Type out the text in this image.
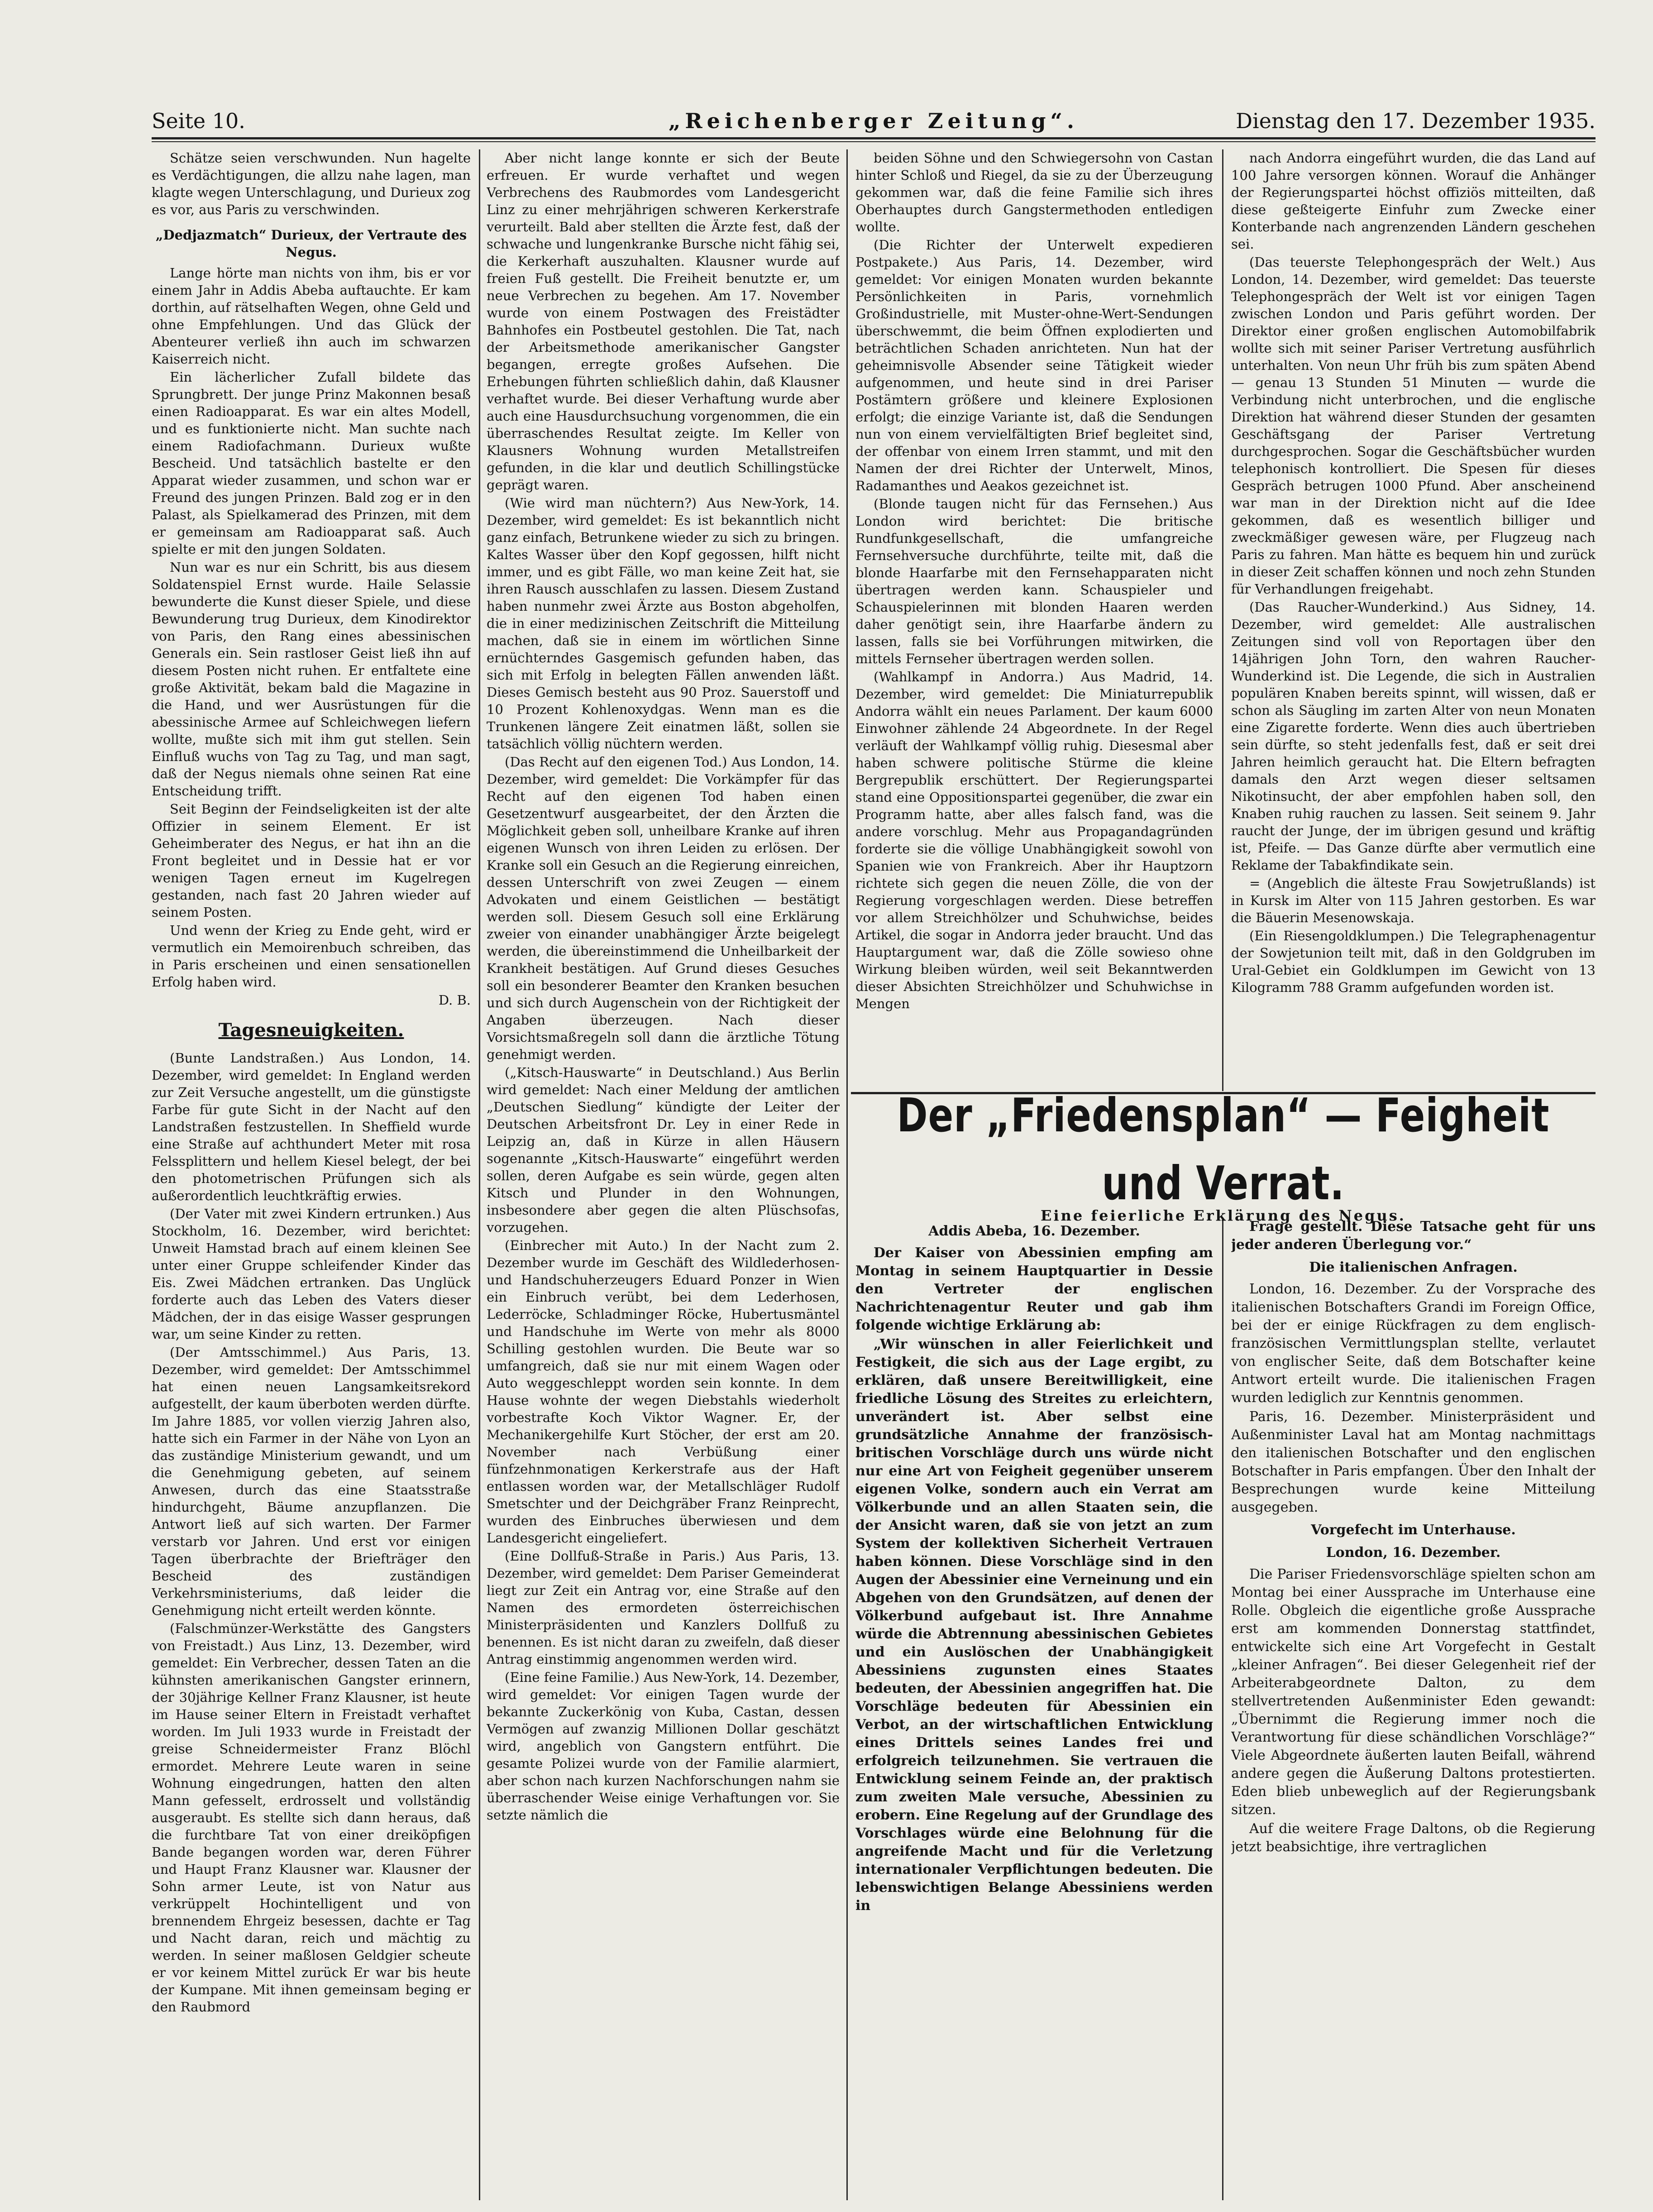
Seite 10.	„Reichenberger Zeitung“.	Dienstag den 17. Dezember 1935.

Schätze seien verschwunden. Nun hagelte es Verdächtigungen, die allzu nahe lagen, man klagte wegen Unterschlagung, und Durieux zog es vor, aus Paris zu verschwinden.

„Dedjazmatch“ Durieux, der Vertraute des Negus.

Lange hörte man nichts von ihm, bis er vor einem Jahr in Addis Abeba auftauchte. Er kam dorthin, auf rätselhaften Wegen, ohne Geld und ohne Empfehlungen. Und das Glück der Abenteurer verließ ihn auch im schwarzen Kaiserreich nicht.

Ein lächerlicher Zufall bildete das Sprungbrett. Der junge Prinz Makonnen besaß einen Radioapparat. Es war ein altes Modell, und es funktionierte nicht. Man suchte nach einem Radiofachmann. Durieux wußte Bescheid. Und tatsächlich bastelte er den Apparat wieder zusammen, und schon war er Freund des jungen Prinzen. Bald zog er in den Palast, als Spielkamerad des Prinzen, mit dem er gemeinsam am Radioapparat saß. Auch spielte er mit den jungen Soldaten.

Nun war es nur ein Schritt, bis aus diesem Soldatenspiel Ernst wurde. Haile Selassie bewunderte die Kunst dieser Spiele, und diese Bewunderung trug Durieux, dem Kinodirektor von Paris, den Rang eines abessinischen Generals ein. Sein rastloser Geist ließ ihn auf diesem Posten nicht ruhen. Er entfaltete eine große Aktivität, bekam bald die Magazine in die Hand, und wer Ausrüstungen für die abessinische Armee auf Schleichwegen liefern wollte, mußte sich mit ihm gut stellen. Sein Einfluß wuchs von Tag zu Tag, und man sagt, daß der Negus niemals ohne seinen Rat eine Entscheidung trifft.

Seit Beginn der Feindseligkeiten ist der alte Offizier in seinem Element. Er ist Geheimberater des Negus, er hat ihn an die Front begleitet und in Dessie hat er vor wenigen Tagen erneut im Kugelregen gestanden, nach fast 20 Jahren wieder auf seinem Posten.

Und wenn der Krieg zu Ende geht, wird er vermutlich ein Memoirenbuch schreiben, das in Paris erscheinen und einen sensationellen Erfolg haben wird.

D. B.

Tagesneuigkeiten.

(Bunte Landstraßen.) Aus London, 14. Dezember, wird gemeldet: In England werden zur Zeit Versuche angestellt, um die günstigste Farbe für gute Sicht in der Nacht auf den Landstraßen festzustellen. In Sheffield wurde eine Straße auf achthundert Meter mit rosa Felssplittern und hellem Kiesel belegt, der bei den photometrischen Prüfungen sich als außerordentlich leuchtkräftig erwies.

(Der Vater mit zwei Kindern ertrunken.) Aus Stockholm, 16. Dezember, wird berichtet: Unweit Hamstad brach auf einem kleinen See unter einer Gruppe schleifender Kinder das Eis. Zwei Mädchen ertranken. Das Unglück forderte auch das Leben des Vaters dieser Mädchen, der in das eisige Wasser gesprungen war, um seine Kinder zu retten.

(Der Amtsschimmel.) Aus Paris, 13. Dezember, wird gemeldet: Der Amtsschimmel hat einen neuen Langsamkeitsrekord aufgestellt, der kaum überboten werden dürfte. Im Jahre 1885, vor vollen vierzig Jahren also, hatte sich ein Farmer in der Nähe von Lyon an das zuständige Ministerium gewandt, und um die Genehmigung gebeten, auf seinem Anwesen, durch das eine Staatsstraße hindurchgeht, Bäume anzupflanzen. Die Antwort ließ auf sich warten. Der Farmer verstarb vor Jahren. Und erst vor einigen Tagen überbrachte der Briefträger den Bescheid des zuständigen Verkehrsministeriums, daß leider die Genehmigung nicht erteilt werden könnte.

(Falschmünzer-Werkstätte des Gangsters von Freistadt.) Aus Linz, 13. Dezember, wird gemeldet: Ein Verbrecher, dessen Taten an die kühnsten amerikanischen Gangster erinnern, der 30jährige Kellner Franz Klausner, ist heute im Hause seiner Eltern in Freistadt verhaftet worden. Im Juli 1933 wurde in Freistadt der greise Schneidermeister Franz Blöchl ermordet. Mehrere Leute waren in seine Wohnung eingedrungen, hatten den alten Mann gefesselt, erdrosselt und vollständig ausgeraubt. Es stellte sich dann heraus, daß die furchtbare Tat von einer dreiköpfigen Bande begangen worden war, deren Führer und Haupt Franz Klausner war. Klausner der Sohn armer Leute, ist von Natur aus verkrüppelt Hochintelligent und von brennendem Ehrgeiz besessen, dachte er Tag und Nacht daran, reich und mächtig zu werden. In seiner maßlosen Geldgier scheute er vor keinem Mittel zurück Er war bis heute der Kumpane. Mit ihnen gemeinsam beging er den Raubmord

Aber nicht lange konnte er sich der Beute erfreuen. Er wurde verhaftet und wegen Verbrechens des Raubmordes vom Landesgericht Linz zu einer mehrjährigen schweren Kerkerstrafe verurteilt. Bald aber stellten die Ärzte fest, daß der schwache und lungenkranke Bursche nicht fähig sei, die Kerkerhaft auszuhalten. Klausner wurde auf freien Fuß gestellt. Die Freiheit benutzte er, um neue Verbrechen zu begehen. Am 17. November wurde von einem Postwagen des Freistädter Bahnhofes ein Postbeutel gestohlen. Die Tat, nach der Arbeitsmethode amerikanischer Gangster begangen, erregte großes Aufsehen. Die Erhebungen führten schließlich dahin, daß Klausner verhaftet wurde. Bei dieser Verhaftung wurde aber auch eine Hausdurchsuchung vorgenommen, die ein überraschendes Resultat zeigte. Im Keller von Klausners Wohnung wurden Metallstreifen gefunden, in die klar und deutlich Schillingstücke geprägt waren.

(Wie wird man nüchtern?) Aus New-York, 14. Dezember, wird gemeldet: Es ist bekanntlich nicht ganz einfach, Betrunkene wieder zu sich zu bringen. Kaltes Wasser über den Kopf gegossen, hilft nicht immer, und es gibt Fälle, wo man keine Zeit hat, sie ihren Rausch ausschlafen zu lassen. Diesem Zustand haben nunmehr zwei Ärzte aus Boston abgeholfen, die in einer medizinischen Zeitschrift die Mitteilung machen, daß sie in einem im wörtlichen Sinne ernüchterndes Gasgemisch gefunden haben, das sich mit Erfolg in belegten Fällen anwenden läßt. Dieses Gemisch besteht aus 90 Proz. Sauerstoff und 10 Prozent Kohlenoxydgas. Wenn man es die Trunkenen längere Zeit einatmen läßt, sollen sie tatsächlich völlig nüchtern werden.

(Das Recht auf den eigenen Tod.) Aus London, 14. Dezember, wird gemeldet: Die Vorkämpfer für das Recht auf den eigenen Tod haben einen Gesetzentwurf ausgearbeitet, der den Ärzten die Möglichkeit geben soll, unheilbare Kranke auf ihren eigenen Wunsch von ihren Leiden zu erlösen. Der Kranke soll ein Gesuch an die Regierung einreichen, dessen Unterschrift von zwei Zeugen — einem Advokaten und einem Geistlichen — bestätigt werden soll. Diesem Gesuch soll eine Erklärung zweier von einander unabhängiger Ärzte beigelegt werden, die übereinstimmend die Unheilbarkeit der Krankheit bestätigen. Auf Grund dieses Gesuches soll ein besonderer Beamter den Kranken besuchen und sich durch Augenschein von der Richtigkeit der Angaben überzeugen. Nach dieser Vorsichtsmaßregeln soll dann die ärztliche Tötung genehmigt werden.

(„Kitsch-Hauswarte“ in Deutschland.) Aus Berlin wird gemeldet: Nach einer Meldung der amtlichen „Deutschen Siedlung“ kündigte der Leiter der Deutschen Arbeitsfront Dr. Ley in einer Rede in Leipzig an, daß in Kürze in allen Häusern sogenannte „Kitsch-Hauswarte“ eingeführt werden sollen, deren Aufgabe es sein würde, gegen alten Kitsch und Plunder in den Wohnungen, insbesondere aber gegen die alten Plüschsofas, vorzugehen.

(Einbrecher mit Auto.) In der Nacht zum 2. Dezember wurde im Geschäft des Wildlederhosen- und Handschuherzeugers Eduard Ponzer in Wien ein Einbruch verübt, bei dem Lederhosen, Lederröcke, Schladminger Röcke, Hubertusmäntel und Handschuhe im Werte von mehr als 8000 Schilling gestohlen wurden. Die Beute war so umfangreich, daß sie nur mit einem Wagen oder Auto weggeschleppt worden sein konnte. In dem Hause wohnte der wegen Diebstahls wiederholt vorbestrafte Koch Viktor Wagner. Er, der Mechanikergehilfe Kurt Stöcher, der erst am 20. November nach Verbüßung einer fünfzehnmonatigen Kerkerstrafe aus der Haft entlassen worden war, der Metallschläger Rudolf Smetschter und der Deichgräber Franz Reinprecht, wurden des Einbruches überwiesen und dem Landesgericht eingeliefert.

(Eine Dollfuß-Straße in Paris.) Aus Paris, 13. Dezember, wird gemeldet: Dem Pariser Gemeinderat liegt zur Zeit ein Antrag vor, eine Straße auf den Namen des ermordeten österreichischen Ministerpräsidenten und Kanzlers Dollfuß zu benennen. Es ist nicht daran zu zweifeln, daß dieser Antrag einstimmig angenommen werden wird.

(Eine feine Familie.) Aus New-York, 14. Dezember, wird gemeldet: Vor einigen Tagen wurde der bekannte Zuckerkönig von Kuba, Castan, dessen Vermögen auf zwanzig Millionen Dollar geschätzt wird, angeblich von Gangstern entführt. Die gesamte Polizei wurde von der Familie alarmiert, aber schon nach kurzen Nachforschungen nahm sie überraschender Weise einige Verhaftungen vor. Sie setzte nämlich die

beiden Söhne und den Schwiegersohn von Castan hinter Schloß und Riegel, da sie zu der Überzeugung gekommen war, daß die feine Familie sich ihres Oberhauptes durch Gangstermethoden entledigen wollte.

(Die Richter der Unterwelt expedieren Postpakete.) Aus Paris, 14. Dezember, wird gemeldet: Vor einigen Monaten wurden bekannte Persönlichkeiten in Paris, vornehmlich Großindustrielle, mit Muster-ohne-Wert-Sendungen überschwemmt, die beim Öffnen explodierten und beträchtlichen Schaden anrichteten. Nun hat der geheimnisvolle Absender seine Tätigkeit wieder aufgenommen, und heute sind in drei Pariser Postämtern größere und kleinere Explosionen erfolgt; die einzige Variante ist, daß die Sendungen nun von einem vervielfältigten Brief begleitet sind, der offenbar von einem Irren stammt, und mit den Namen der drei Richter der Unterwelt, Minos, Radamanthes und Aeakos gezeichnet ist.

(Blonde taugen nicht für das Fernsehen.) Aus London wird berichtet: Die britische Rundfunkgesellschaft, die umfangreiche Fernsehversuche durchführte, teilte mit, daß die blonde Haarfarbe mit den Fernsehapparaten nicht übertragen werden kann. Schauspieler und Schauspielerinnen mit blonden Haaren werden daher genötigt sein, ihre Haarfarbe ändern zu lassen, falls sie bei Vorführungen mitwirken, die mittels Fernseher übertragen werden sollen.

(Wahlkampf in Andorra.) Aus Madrid, 14. Dezember, wird gemeldet: Die Miniaturrepublik Andorra wählt ein neues Parlament. Der kaum 6000 Einwohner zählende 24 Abgeordnete. In der Regel verläuft der Wahlkampf völlig ruhig. Diesesmal aber haben schwere politische Stürme die kleine Bergrepublik erschüttert. Der Regierungspartei stand eine Oppositionspartei gegenüber, die zwar ein Programm hatte, aber alles falsch fand, was die andere vorschlug. Mehr aus Propagandagründen forderte sie die völlige Unabhängigkeit sowohl von Spanien wie von Frankreich. Aber ihr Hauptzorn richtete sich gegen die neuen Zölle, die von der Regierung vorgeschlagen werden. Diese betreffen vor allem Streichhölzer und Schuhwichse, beides Artikel, die sogar in Andorra jeder braucht. Und das Hauptargument war, daß die Zölle sowieso ohne Wirkung bleiben würden, weil seit Bekanntwerden dieser Absichten Streichhölzer und Schuhwichse in Mengen

nach Andorra eingeführt wurden, die das Land auf 100 Jahre versorgen können. Worauf die Anhänger der Regierungspartei höchst offiziös mitteilten, daß diese geßteigerte Einfuhr zum Zwecke einer Konterbande nach angrenzenden Ländern geschehen sei.

(Das teuerste Telephongespräch der Welt.) Aus London, 14. Dezember, wird gemeldet: Das teuerste Telephongespräch der Welt ist vor einigen Tagen zwischen London und Paris geführt worden. Der Direktor einer großen englischen Automobilfabrik wollte sich mit seiner Pariser Vertretung ausführlich unterhalten. Von neun Uhr früh bis zum späten Abend — genau 13 Stunden 51 Minuten — wurde die Verbindung nicht unterbrochen, und die englische Direktion hat während dieser Stunden der gesamten Geschäftsgang der Pariser Vertretung durchgesprochen. Sogar die Geschäftsbücher wurden telephonisch kontrolliert. Die Spesen für dieses Gespräch betrugen 1000 Pfund. Aber anscheinend war man in der Direktion nicht auf die Idee gekommen, daß es wesentlich billiger und zweckmäßiger gewesen wäre, per Flugzeug nach Paris zu fahren. Man hätte es bequem hin und zurück in dieser Zeit schaffen können und noch zehn Stunden für Verhandlungen freigehabt.

(Das Raucher-Wunderkind.) Aus Sidney, 14. Dezember, wird gemeldet: Alle australischen Zeitungen sind voll von Reportagen über den 14jährigen John Torn, den wahren Raucher-Wunderkind ist. Die Legende, die sich in Australien populären Knaben bereits spinnt, will wissen, daß er schon als Säugling im zarten Alter von neun Monaten eine Zigarette forderte. Wenn dies auch übertrieben sein dürfte, so steht jedenfalls fest, daß er seit drei Jahren heimlich geraucht hat. Die Eltern befragten damals den Arzt wegen dieser seltsamen Nikotinsucht, der aber empfohlen haben soll, den Knaben ruhig rauchen zu lassen. Seit seinem 9. Jahr raucht der Junge, der im übrigen gesund und kräftig ist, Pfeife. — Das Ganze dürfte aber vermutlich eine Reklame der Tabakfindikate sein.

= (Angeblich die älteste Frau Sowjetrußlands) ist in Kursk im Alter von 115 Jahren gestorben. Es war die Bäuerin Mesenowskaja.

(Ein Riesengoldklumpen.) Die Telegraphenagentur der Sowjetunion teilt mit, daß in den Goldgruben im Ural-Gebiet ein Goldklumpen im Gewicht von 13 Kilogramm 788 Gramm aufgefunden worden ist.

Der „Friedensplan“ — Feigheit und Verrat.
Eine feierliche Erklärung des Negus.

Addis Abeba, 16. Dezember.

Der Kaiser von Abessinien empfing am Montag in seinem Hauptquartier in Dessie den Vertreter der englischen Nachrichtenagentur Reuter und gab ihm folgende wichtige Erklärung ab:

„Wir wünschen in aller Feierlichkeit und Festigkeit, die sich aus der Lage ergibt, zu erklären, daß unsere Bereitwilligkeit, eine friedliche Lösung des Streites zu erleichtern, unverändert ist. Aber selbst eine grundsätzliche Annahme der französisch-britischen Vorschläge durch uns würde nicht nur eine Art von Feigheit gegenüber unserem eigenen Volke, sondern auch ein Verrat am Völkerbunde und an allen Staaten sein, die der Ansicht waren, daß sie von jetzt an zum System der kollektiven Sicherheit Vertrauen haben können. Diese Vorschläge sind in den Augen der Abessinier eine Verneinung und ein Abgehen von den Grundsätzen, auf denen der Völkerbund aufgebaut ist. Ihre Annahme würde die Abtrennung abessinischen Gebietes und ein Auslöschen der Unabhängigkeit Abessiniens zugunsten eines Staates bedeuten, der Abessinien angegriffen hat. Die Vorschläge bedeuten für Abessinien ein Verbot, an der wirtschaftlichen Entwicklung eines Drittels seines Landes frei und erfolgreich teilzunehmen. Sie vertrauen die Entwicklung seinem Feinde an, der praktisch zum zweiten Male versuche, Abessinien zu erobern. Eine Regelung auf der Grundlage des Vorschlages würde eine Belohnung für die angreifende Macht und für die Verletzung internationaler Verpflichtungen bedeuten. Die lebenswichtigen Belange Abessiniens werden in

Frage gestellt. Diese Tatsache geht für uns jeder anderen Überlegung vor.“

Die italienischen Anfragen.

London, 16. Dezember. Zu der Vorsprache des italienischen Botschafters Grandi im Foreign Office, bei der er einige Rückfragen zu dem englisch-französischen Vermittlungsplan stellte, verlautet von englischer Seite, daß dem Botschafter keine Antwort erteilt wurde. Die italienischen Fragen wurden lediglich zur Kenntnis genommen.

Paris, 16. Dezember. Ministerpräsident und Außenminister Laval hat am Montag nachmittags den italienischen Botschafter und den englischen Botschafter in Paris empfangen. Über den Inhalt der Besprechungen wurde keine Mitteilung ausgegeben.

Vorgefecht im Unterhause.

London, 16. Dezember.

Die Pariser Friedensvorschläge spielten schon am Montag bei einer Aussprache im Unterhause eine Rolle. Obgleich die eigentliche große Aussprache erst am kommenden Donnerstag stattfindet, entwickelte sich eine Art Vorgefecht in Gestalt „kleiner Anfragen“. Bei dieser Gelegenheit rief der Arbeiterabgeordnete Dalton, zu dem stellvertretenden Außenminister Eden gewandt: „Übernimmt die Regierung immer noch die Verantwortung für diese schändlichen Vorschläge?“ Viele Abgeordnete äußerten lauten Beifall, während andere gegen die Äußerung Daltons protestierten. Eden blieb unbeweglich auf der Regierungsbank sitzen.

Auf die weitere Frage Daltons, ob die Regierung jetzt beabsichtige, ihre vertraglichen
